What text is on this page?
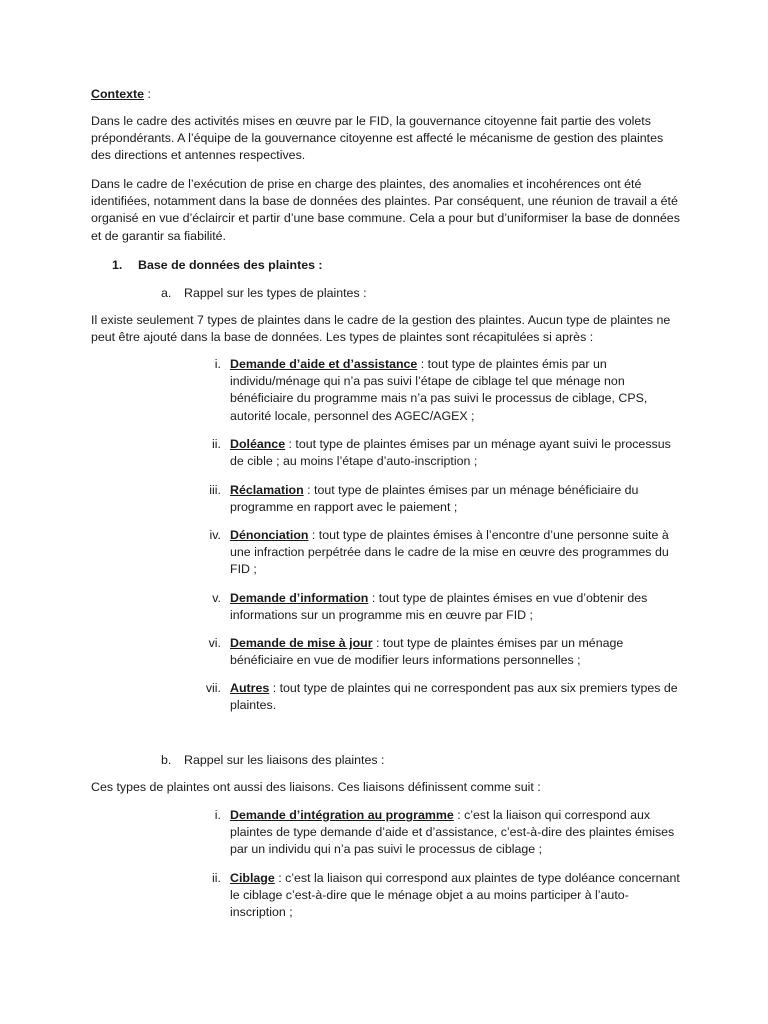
Contexte :

Dans le cadre des activités mises en œuvre par le FID, la gouvernance citoyenne fait partie des volets prépondérants. A l’équipe de la gouvernance citoyenne est affecté le mécanisme de gestion des plaintes des directions et antennes respectives.

Dans le cadre de l’exécution de prise en charge des plaintes, des anomalies et incohérences ont été identifiées, notamment dans la base de données des plaintes. Par conséquent, une réunion de travail a été organisé en vue d’éclaircir et partir d’une base commune. Cela a pour but d’uniformiser la base de données et de garantir sa fiabilité.

1. Base de données des plaintes :

a. Rappel sur les types de plaintes :

Il existe seulement 7 types de plaintes dans le cadre de la gestion des plaintes. Aucun type de plaintes ne peut être ajouté dans la base de données. Les types de plaintes sont récapitulées si après :

i. Demande d’aide et d’assistance : tout type de plaintes émis par un individu/ménage qui n’a pas suivi l’étape de ciblage tel que ménage non bénéficiaire du programme mais n’a pas suivi le processus de ciblage, CPS, autorité locale, personnel des AGEC/AGEX ;

ii. Doléance : tout type de plaintes émises par un ménage ayant suivi le processus de cible ; au moins l’étape d’auto-inscription ;

iii. Réclamation : tout type de plaintes émises par un ménage bénéficiaire du programme en rapport avec le paiement ;

iv. Dénonciation : tout type de plaintes émises à l’encontre d’une personne suite à une infraction perpétrée dans le cadre de la mise en œuvre des programmes du FID ;

v. Demande d’information : tout type de plaintes émises en vue d’obtenir des informations sur un programme mis en œuvre par FID ;

vi. Demande de mise à jour : tout type de plaintes émises par un ménage bénéficiaire en vue de modifier leurs informations personnelles ;

vii. Autres : tout type de plaintes qui ne correspondent pas aux six premiers types de plaintes.

b. Rappel sur les liaisons des plaintes :

Ces types de plaintes ont aussi des liaisons. Ces liaisons définissent comme suit :

i. Demande d’intégration au programme : c’est la liaison qui correspond aux plaintes de type demande d’aide et d’assistance, c’est-à-dire des plaintes émises par un individu qui n’a pas suivi le processus de ciblage ;

ii. Ciblage : c’est la liaison qui correspond aux plaintes de type doléance concernant le ciblage c’est-à-dire que le ménage objet a au moins participer à l’auto-inscription ;
